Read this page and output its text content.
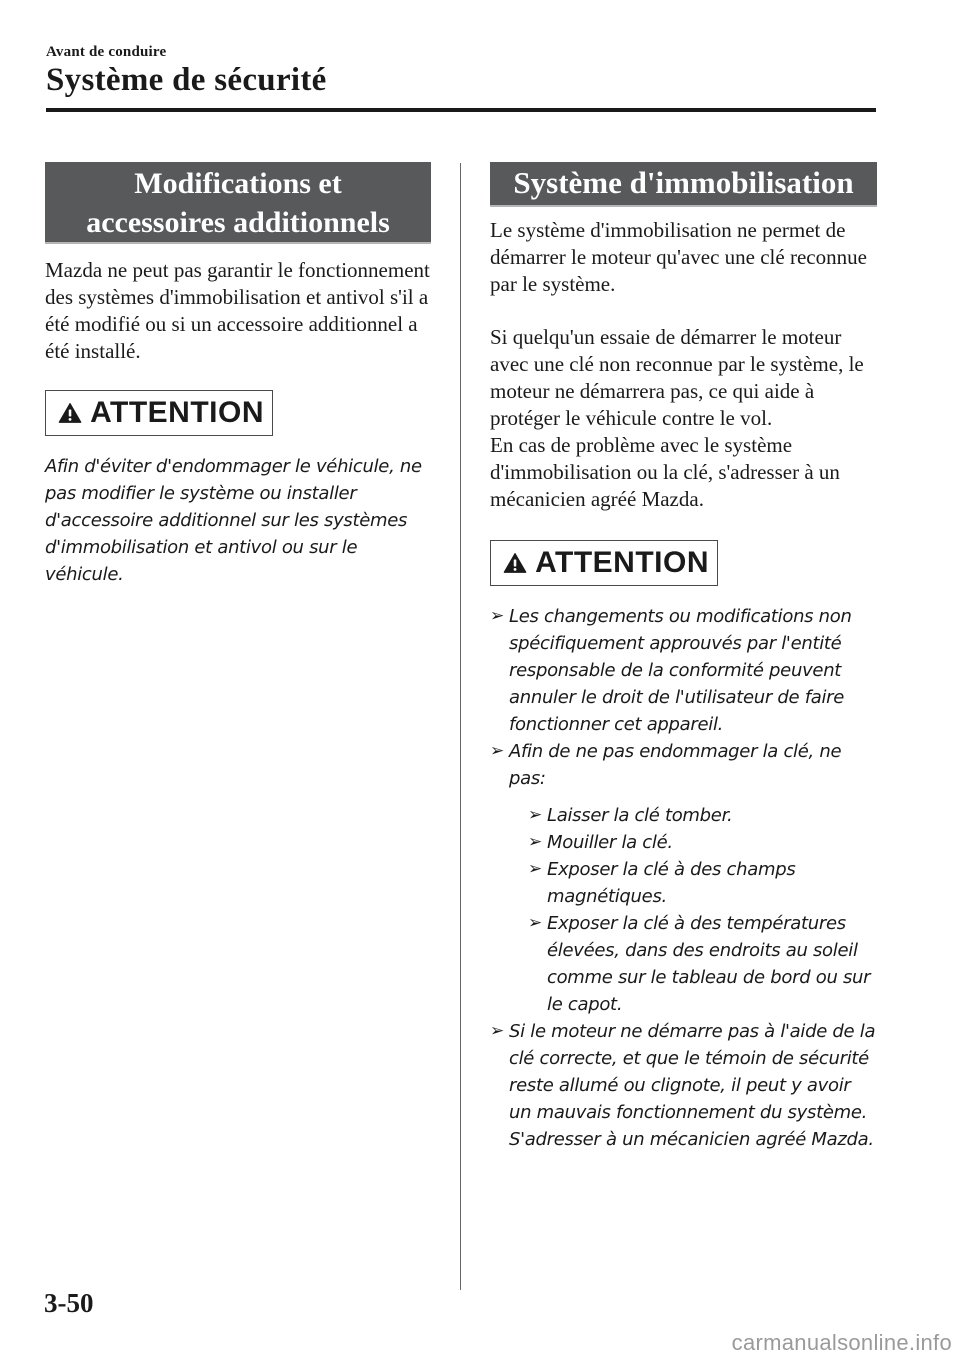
Avant de conduire
Système de sécurité
Modifications et
accessoires additionnels

Mazda ne peut pas garantir le fonctionnement des systèmes d'immobilisation et antivol s'il a été modifié ou si un accessoire additionnel a été installé.

ATTENTION

Afin d'éviter d'endommager le véhicule, ne pas modifier le système ou installer d'accessoire additionnel sur les systèmes d'immobilisation et antivol ou sur le véhicule.

Système d'immobilisation

Le système d'immobilisation ne permet de démarrer le moteur qu'avec une clé reconnue par le système.

Si quelqu'un essaie de démarrer le moteur avec une clé non reconnue par le système, le moteur ne démarrera pas, ce qui aide à protéger le véhicule contre le vol.

En cas de problème avec le système d'immobilisation ou la clé, s'adresser à un mécanicien agréé Mazda.

ATTENTION
➢ Les changements ou modifications non spécifiquement approuvés par l'entité responsable de la conformité peuvent annuler le droit de l'utilisateur de faire fonctionner cet appareil.
➢ Afin de ne pas endommager la clé, ne pas:
➢ Laisser la clé tomber.
➢ Mouiller la clé.
➢ Exposer la clé à des champs magnétiques.
➢ Exposer la clé à des températures élevées, dans des endroits au soleil comme sur le tableau de bord ou sur le capot.
➢ Si le moteur ne démarre pas à l'aide de la clé correcte, et que le témoin de sécurité reste allumé ou clignote, il peut y avoir un mauvais fonctionnement du système. S'adresser à un mécanicien agréé Mazda.
3-50
carmanualsonline.info
